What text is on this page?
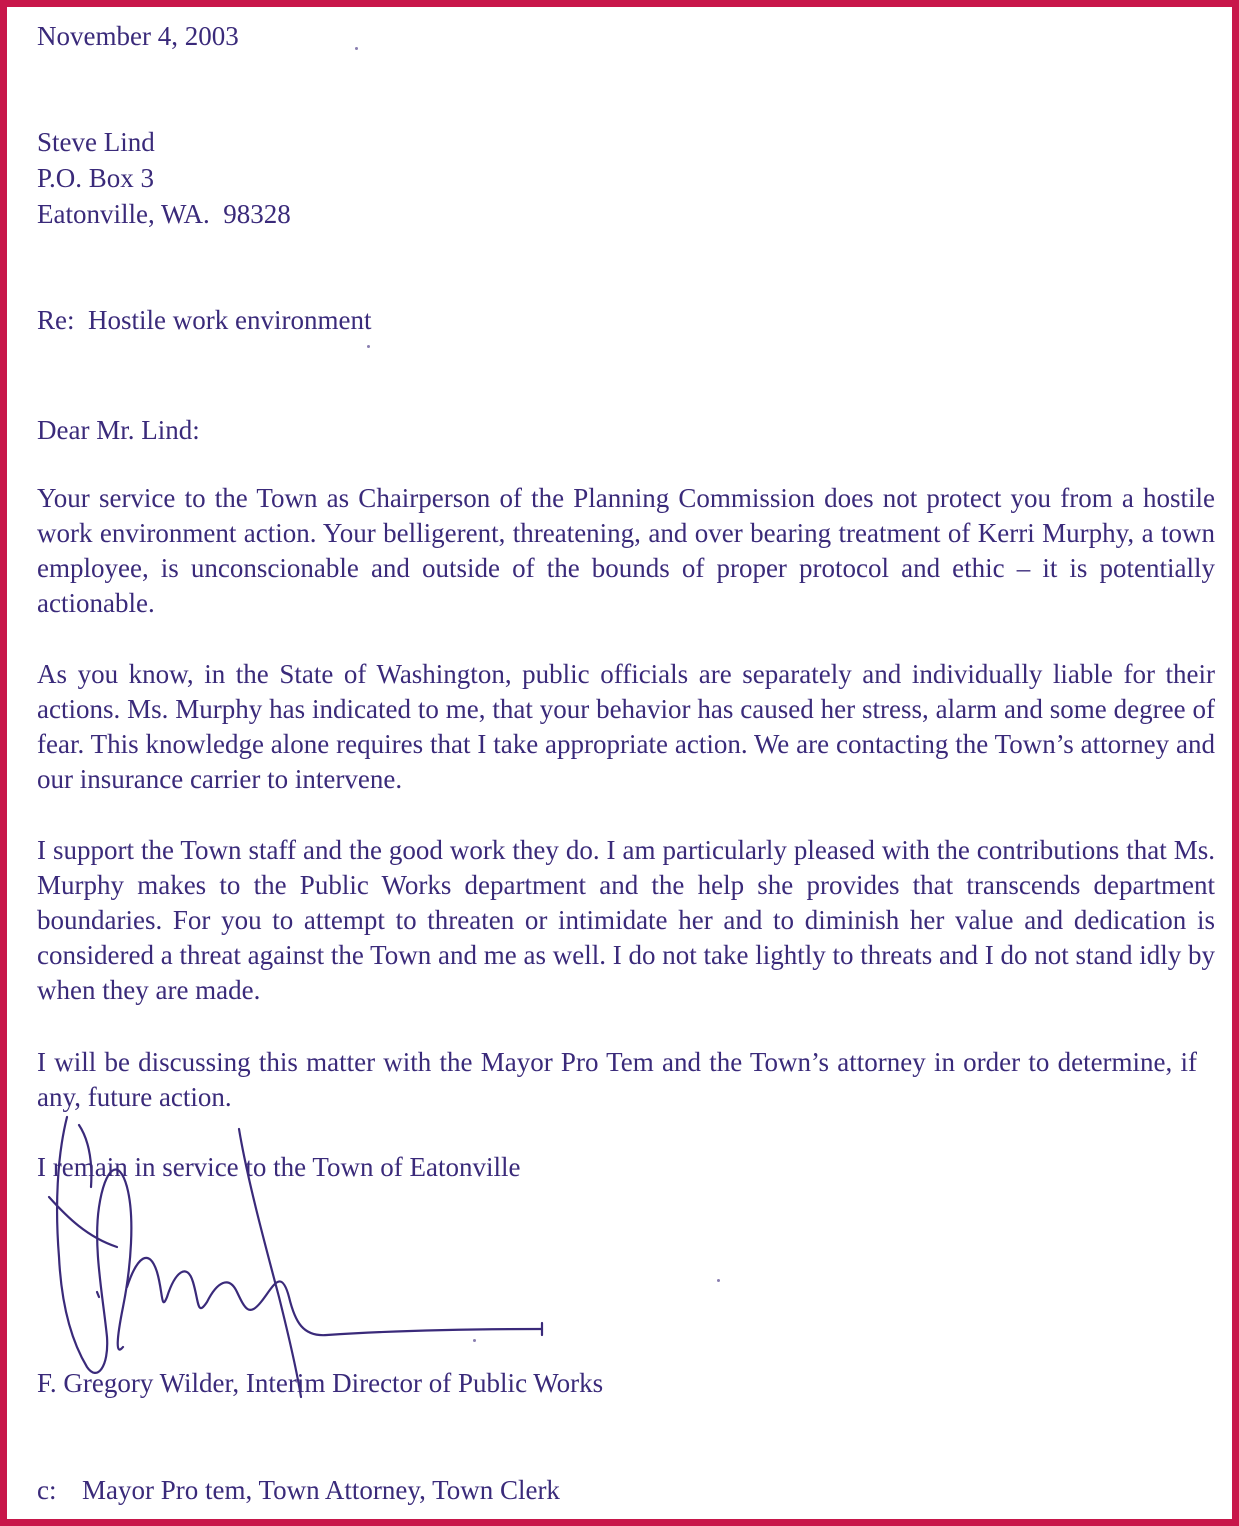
November 4, 2003
Steve Lind
P.O. Box 3
Eatonville, WA.  98328
Re:  Hostile work environment
Dear Mr. Lind:

Your service to the Town as Chairperson of the Planning Commission does not protect you from a hostile work environment action. Your belligerent, threatening, and over bearing treatment of Kerri Murphy, a town employee, is unconscionable and outside of the bounds of proper protocol and ethic – it is potentially actionable.

As you know, in the State of Washington, public officials are separately and individually liable for their actions. Ms. Murphy has indicated to me, that your behavior has caused her stress, alarm and some degree of fear. This knowledge alone requires that I take appropriate action. We are contacting the Town’s attorney and our insurance carrier to intervene.

I support the Town staff and the good work they do. I am particularly pleased with the contributions that Ms. Murphy makes to the Public Works department and the help she provides that transcends department boundaries. For you to attempt to threaten or intimidate her and to diminish her value and dedication is considered a threat against the Town and me as well. I do not take lightly to threats and I do not stand idly by when they are made.

I will be discussing this matter with the Mayor Pro Tem and the Town’s attorney in order to determine, if any, future action.

I remain in service to the Town of Eatonville
F. Gregory Wilder, Interim Director of Public Works
c: Mayor Pro tem, Town Attorney, Town Clerk
